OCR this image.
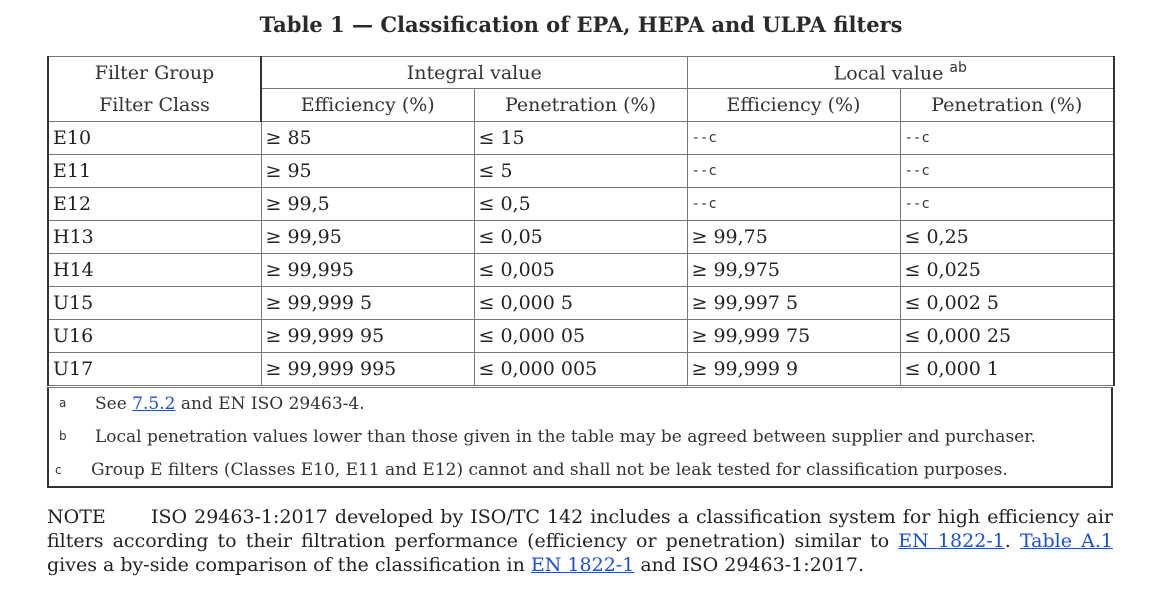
Table 1 — Classification of EPA, HEPA and ULPA filters
Filter Group	Integral value		Local value $^{ab}$
Filter Class	Efficiency (%)	Penetration (%)	Efficiency (%)	Penetration (%)
E10	≥ 85	≤ 15	--c	--c
E11	≥ 95	≤ 5	--c	--c
E12	≥ 99,5	≤ 0,5	--c	--c
H13	≥ 99,95	≤ 0,05	≥ 99,75	≤ 0,25
H14	≥ 99,995	≤ 0,005	≥ 99,975	≤ 0,025
U15	≥ 99,999 5	≤ 0,000 5	≥ 99,997 5	≤ 0,002 5
U16	≥ 99,999 95	≤ 0,000 05	≥ 99,999 75	≤ 0,000 25
U17	≥ 99,999 995	≤ 0,000 005	≥ 99,999 9	≤ 0,000 1
a See 7.5.2 and EN ISO 29463-4.
b Local penetration values lower than those given in the table may be agreed between supplier and purchaser.
c Group E filters (Classes E10, E11 and E12) cannot and shall not be leak tested for classification purposes.
NOTE ISO 29463-1:2017 developed by ISO/TC 142 includes a classification system for high efficiency air filters according to their filtration performance (efficiency or penetration) similar to EN 1822-1. Table A.1 gives a by-side comparison of the classification in EN 1822-1 and ISO 29463-1:2017.
